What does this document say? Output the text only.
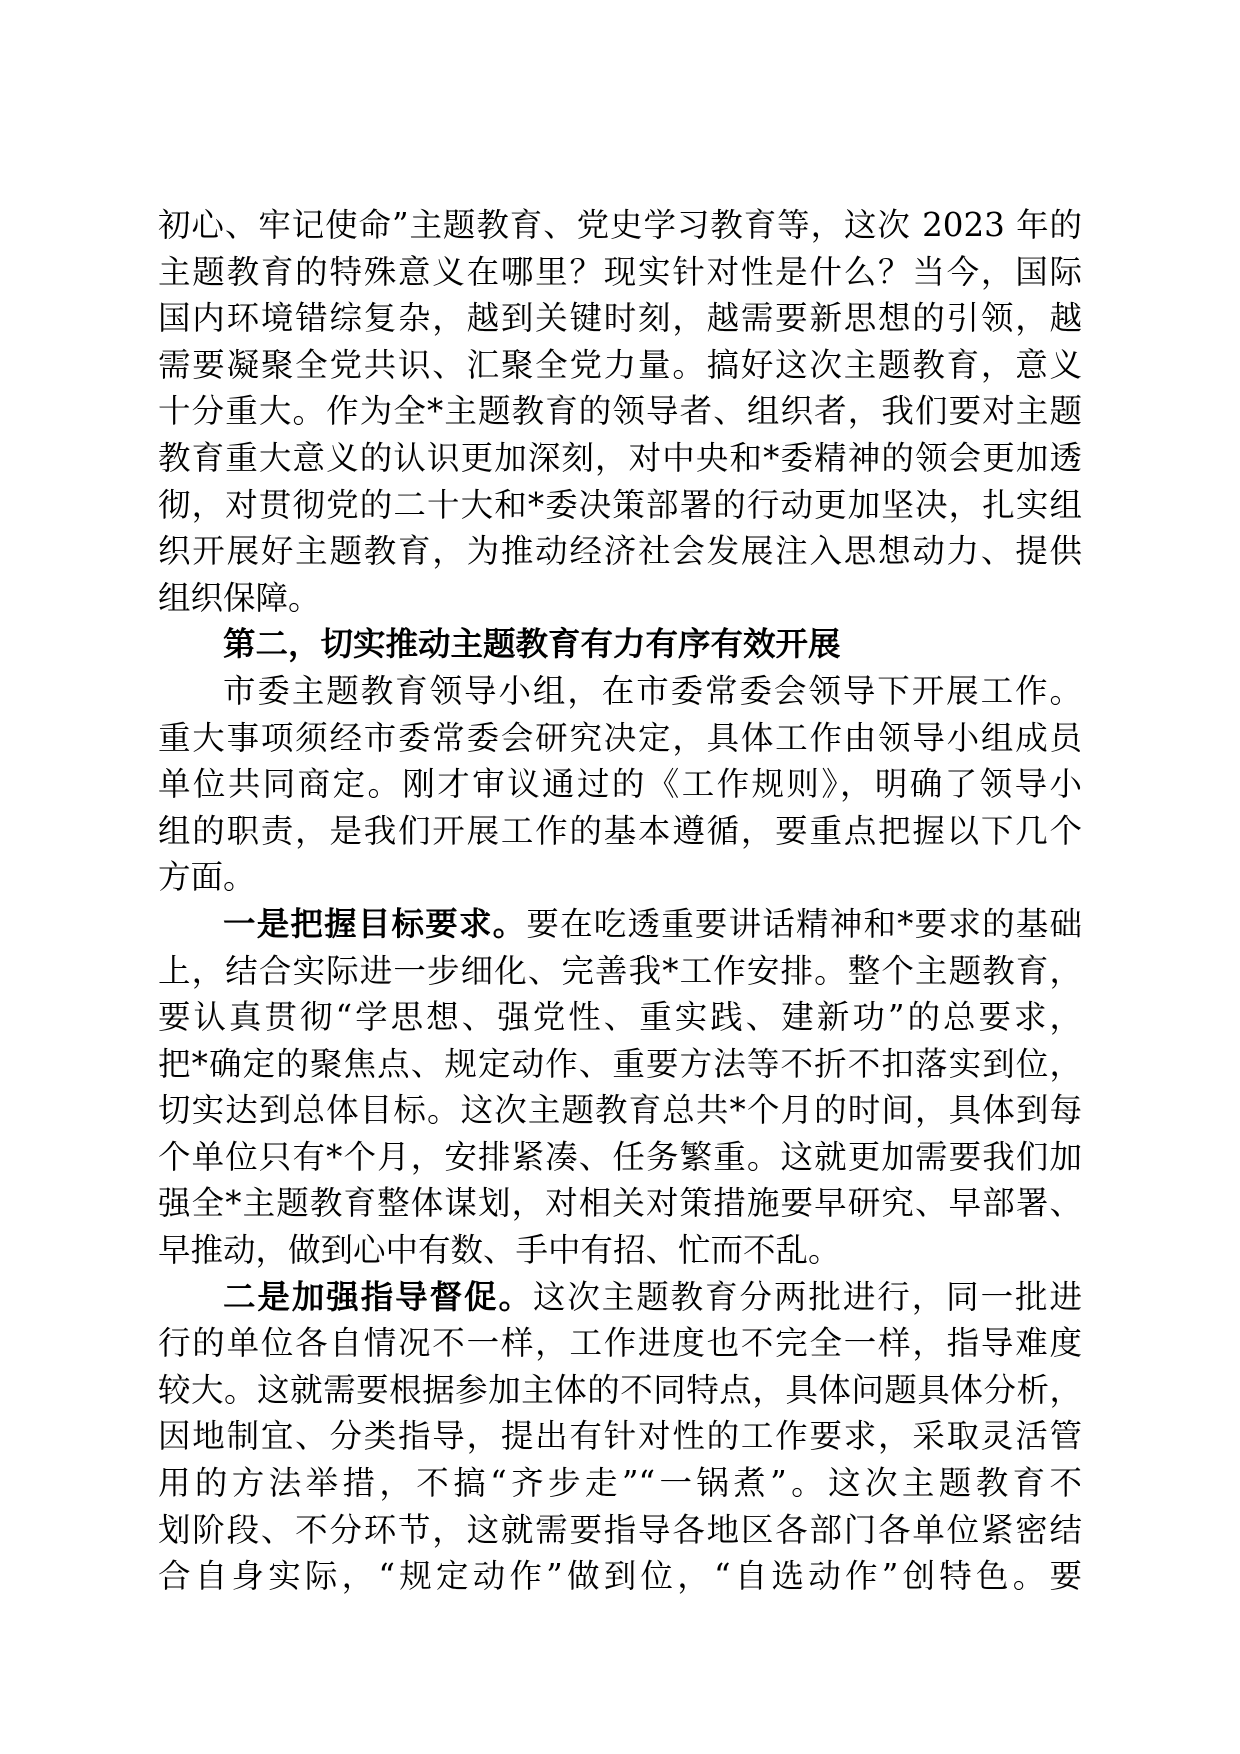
初心、牢记使命”主题教育、党史学习教育等，这次 2023 年的
主题教育的特殊意义在哪里？现实针对性是什么？当今，国际
国内环境错综复杂，越到关键时刻，越需要新思想的引领，越
需要凝聚全党共识、汇聚全党力量。搞好这次主题教育，意义
十分重大。作为全*主题教育的领导者、组织者，我们要对主题
教育重大意义的认识更加深刻，对中央和*委精神的领会更加透
彻，对贯彻党的二十大和*委决策部署的行动更加坚决，扎实组
织开展好主题教育，为推动经济社会发展注入思想动力、提供
组织保障。
第二，切实推动主题教育有力有序有效开展
市委主题教育领导小组，在市委常委会领导下开展工作。
重大事项须经市委常委会研究决定，具体工作由领导小组成员
单位共同商定。刚才审议通过的《工作规则》，明确了领导小
组的职责，是我们开展工作的基本遵循，要重点把握以下几个
方面。
一是把握目标要求。要在吃透重要讲话精神和*要求的基础
上，结合实际进一步细化、完善我*工作安排。整个主题教育，
要认真贯彻“学思想、强党性、重实践、建新功”的总要求，
把*确定的聚焦点、规定动作、重要方法等不折不扣落实到位，
切实达到总体目标。这次主题教育总共*个月的时间，具体到每
个单位只有*个月，安排紧凑、任务繁重。这就更加需要我们加
强全*主题教育整体谋划，对相关对策措施要早研究、早部署、
早推动，做到心中有数、手中有招、忙而不乱。
二是加强指导督促。这次主题教育分两批进行，同一批进
行的单位各自情况不一样，工作进度也不完全一样，指导难度
较大。这就需要根据参加主体的不同特点，具体问题具体分析，
因地制宜、分类指导，提出有针对性的工作要求，采取灵活管
用的方法举措，不搞“齐步走”“一锅煮”。这次主题教育不
划阶段、不分环节，这就需要指导各地区各部门各单位紧密结
合自身实际，“规定动作”做到位，“自选动作”创特色。要
